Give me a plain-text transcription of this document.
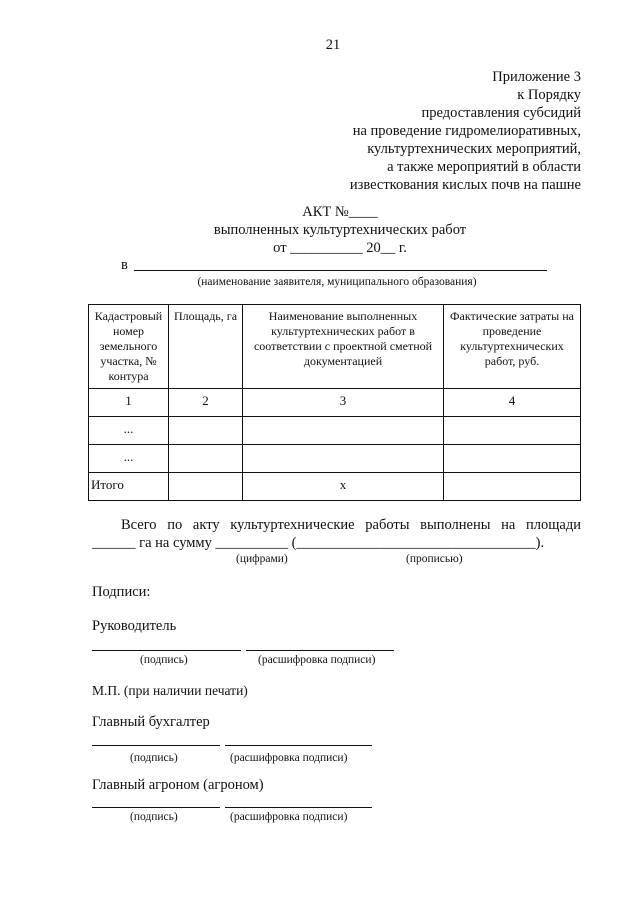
21
Приложение 3
к Порядку
предоставления субсидий
на проведение гидромелиоративных,
культуртехнических мероприятий,
а также мероприятий в области
известкования кислых почв на пашне
АКТ №____
выполненных культуртехнических работ
от __________ 20__ г.
в
(наименование заявителя, муниципального образования)
Кадастровый номер земельного участка, № контура	Площадь, га	Наименование выполненных культуртехнических работ в соответствии с проектной сметной документацией	Фактические затраты на проведение культуртехнических работ, руб.
1	2	3	4
...			
...			
Итого		х	
Всего по акту культуртехнические работы выполнены на площади
______ га на сумму __________ (_________________________________).
(цифрами)	(прописью)
Подписи:
Руководитель
(подпись)	(расшифровка подписи)
М.П. (при наличии печати)
Главный бухгалтер
(подпись)	(расшифровка подписи)
Главный агроном (агроном)
(подпись)	(расшифровка подписи)
